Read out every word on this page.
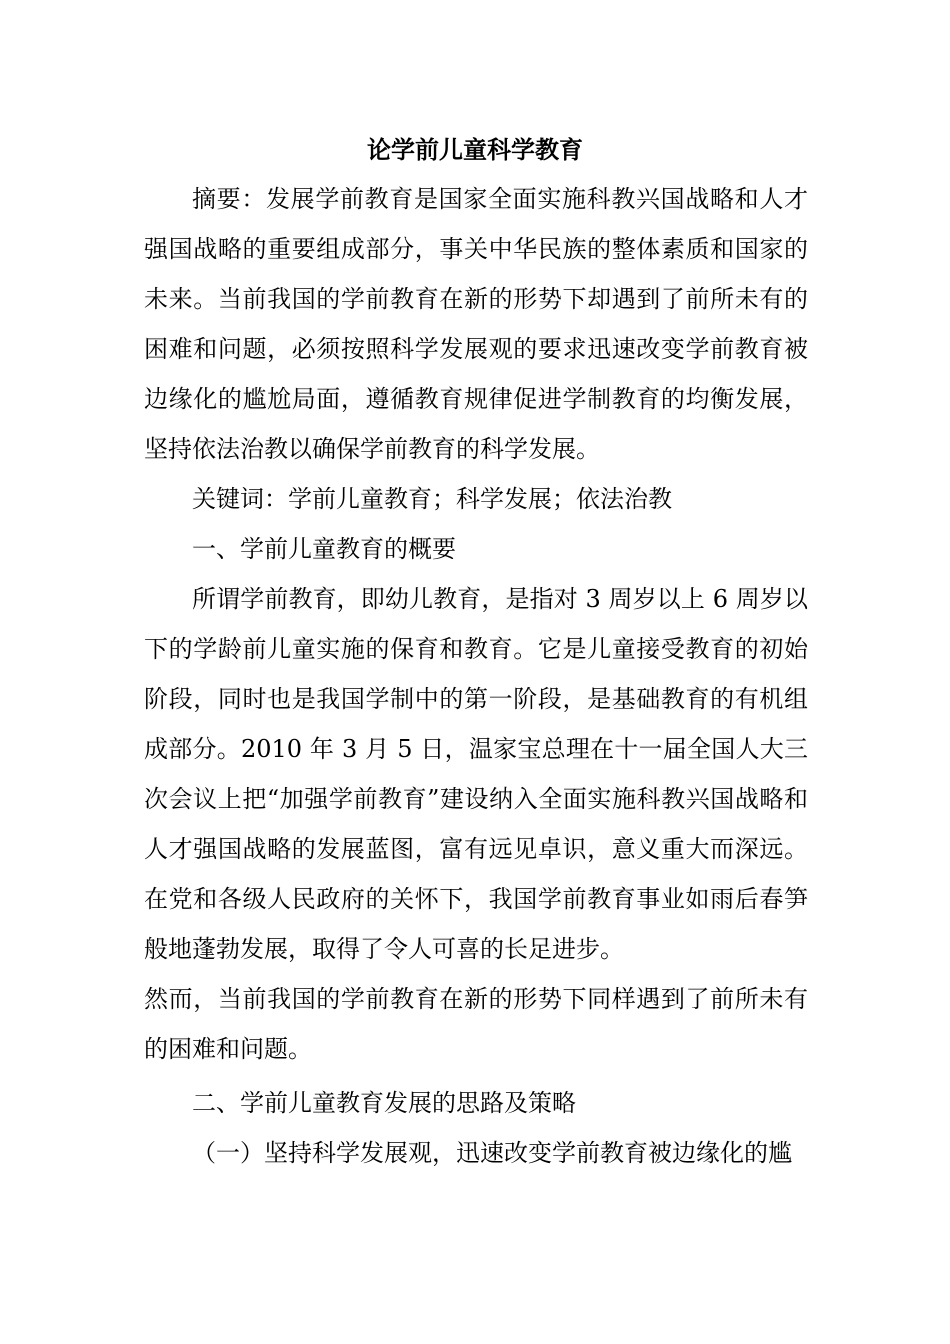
论学前儿童科学教育

摘要：发展学前教育是国家全面实施科教兴国战略和人才强国战略的重要组成部分，事关中华民族的整体素质和国家的未来。当前我国的学前教育在新的形势下却遇到了前所未有的困难和问题，必须按照科学发展观的要求迅速改变学前教育被边缘化的尴尬局面，遵循教育规律促进学制教育的均衡发展，坚持依法治教以确保学前教育的科学发展。

关键词：学前儿童教育；科学发展；依法治教

一、学前儿童教育的概要

所谓学前教育，即幼儿教育，是指对 3 周岁以上 6 周岁以下的学龄前儿童实施的保育和教育。它是儿童接受教育的初始阶段，同时也是我国学制中的第一阶段，是基础教育的有机组成部分。2010 年 3 月 5 日，温家宝总理在十一届全国人大三次会议上把“加强学前教育”建设纳入全面实施科教兴国战略和人才强国战略的发展蓝图，富有远见卓识，意义重大而深远。在党和各级人民政府的关怀下，我国学前教育事业如雨后春笋般地蓬勃发展，取得了令人可喜的长足进步。

然而，当前我国的学前教育在新的形势下同样遇到了前所未有的困难和问题。

二、学前儿童教育发展的思路及策略

（一）坚持科学发展观，迅速改变学前教育被边缘化的尴
